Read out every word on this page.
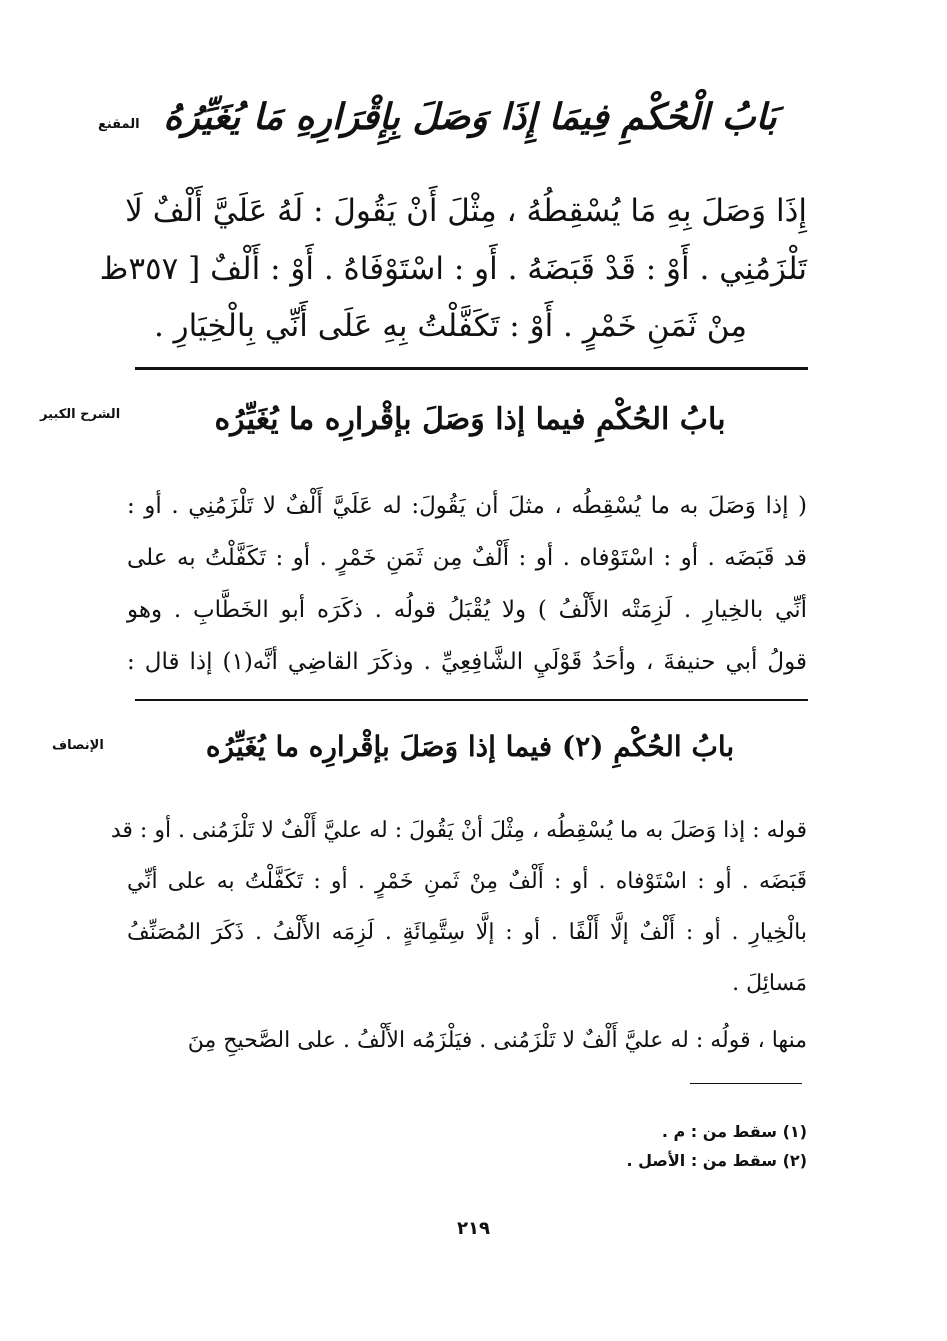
المقنع بَابُ الْحُكْمِ فِيمَا إِذَا وَصَلَ بِإِقْرَارِهِ مَا يُغَيِّرُهُ
إِذَا وَصَلَ بِهِ مَا يُسْقِطُهُ ، مِثْلَ أَنْ يَقُولَ : لَهُ عَلَيَّ أَلْفٌ لَا
تَلْزَمُنِي . أَوْ : قَدْ قَبَضَهُ . أَو : اسْتَوْفَاهُ . أَوْ : أَلْفٌ [ ٣٥٧ظ
مِنْ ثَمَنِ خَمْرٍ . أَوْ : تَكَفَّلْتُ بِهِ عَلَى أَنِّي بِالْخِيَارِ .
الشرح الكبير	بابُ الحُكْمِ فيما إذا وَصَلَ بإقْرارِه ما يُغَيِّرُه
( إذا وَصَلَ به ما يُسْقِطُه ، مثلَ أن يَقُولَ: له عَلَيَّ أَلْفٌ لا تَلْزَمُنِي . أو :
قد قَبَضَه . أو : اسْتَوْفاه . أو : أَلْفٌ مِن ثَمَنِ خَمْرٍ . أو : تَكَفَّلْتُ به على
أنِّي بالخِيارِ . لَزِمَتْه الأَلْفُ ) ولا يُقْبَلُ قولُه . ذكَرَه أبو الخَطَّابِ . وهو
قولُ أبي حنيفةَ ، وأحَدُ قَوْلَيِ الشَّافِعِيِّ . وذكَرَ القاضِي أنَّه(١) إذا قال :
الإنصاف	بابُ الحُكْمِ (٢) فيما إذا وَصَلَ بإقْرارِه ما يُغَيِّرُه
قوله : إذا وَصَلَ به ما يُسْقِطُه ، مِثْلَ أنْ يَقُولَ : له عليَّ أَلْفٌ لا تَلْزَمُنى . أو : قد
قَبَضَه . أو : اسْتَوْفاه . أو : أَلْفٌ مِنْ ثَمنِ خَمْرٍ . أو : تَكَفَّلْتُ به على أنِّي
بالْخِيارِ . أو : أَلْفٌ إلَّا أَلْفًا . أو : إلَّا سِتَّمِائَةٍ . لَزِمَه الأَلْفُ . ذَكَرَ المُصَنِّفُ
مَسائِلَ .
منها ، قولُه : له عليَّ أَلْفٌ لا تَلْزَمُنى . فيَلْزَمُه الأَلْفُ . على الصَّحيحِ مِنَ
(١) سقط من : م .
(٢) سقط من : الأصل .
٢١٩
